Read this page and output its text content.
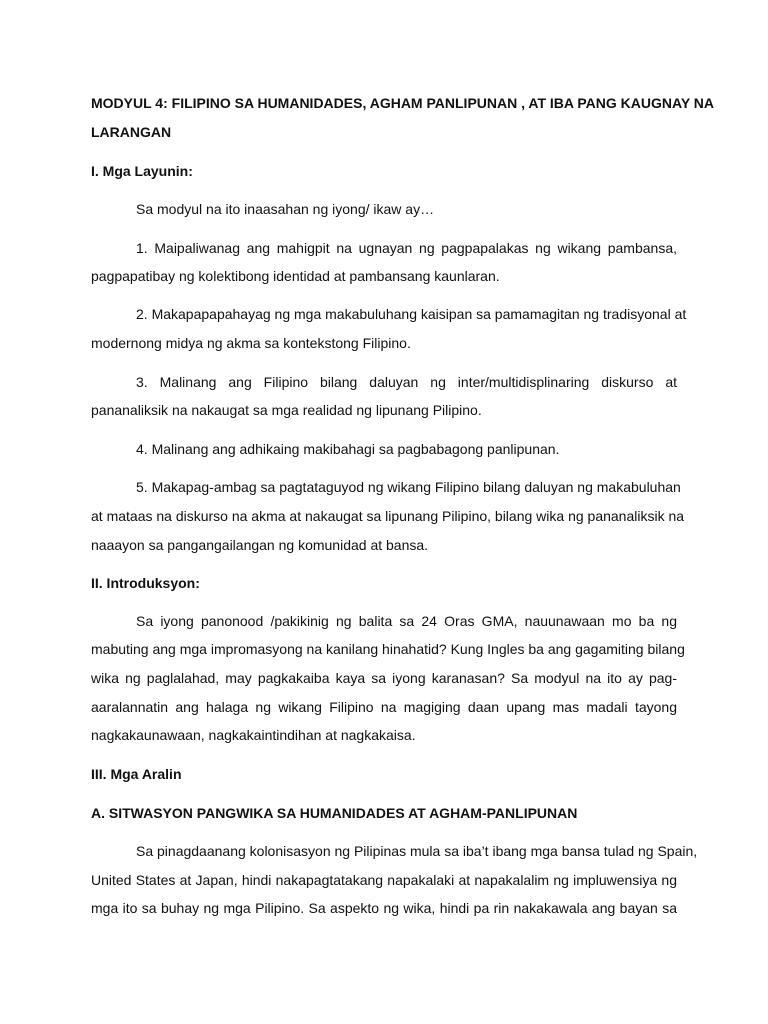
MODYUL 4: FILIPINO SA HUMANIDADES, AGHAM PANLIPUNAN , AT IBA PANG KAUGNAY NA
LARANGAN
I. Mga Layunin:
Sa modyul na ito inaasahan ng iyong/ ikaw ay…
1. Maipaliwanag ang mahigpit na ugnayan ng pagpapalakas ng wikang pambansa,
pagpapatibay ng kolektibong identidad at pambansang kaunlaran.
2. Makapapapahayag ng mga makabuluhang kaisipan sa pamamagitan ng tradisyonal at
modernong midya ng akma sa kontekstong Filipino.
3. Malinang ang Filipino bilang daluyan ng inter/multidisplinaring diskurso at
pananaliksik na nakaugat sa mga realidad ng lipunang Pilipino.
4. Malinang ang adhikaing makibahagi sa pagbabagong panlipunan.
5. Makapag-ambag sa pagtataguyod ng wikang Filipino bilang daluyan ng makabuluhan
at mataas na diskurso na akma at nakaugat sa lipunang Pilipino, bilang wika ng pananaliksik na
naaayon sa pangangailangan ng komunidad at bansa.
II. Introduksyon:
Sa iyong panonood /pakikinig ng balita sa 24 Oras GMA, nauunawaan mo ba ng
mabuting ang mga impromasyong na kanilang hinahatid? Kung Ingles ba ang gagamiting bilang
wika ng paglalahad, may pagkakaiba kaya sa iyong karanasan? Sa modyul na ito ay pag-
aaralannatin ang halaga ng wikang Filipino na magiging daan upang mas madali tayong
nagkakaunawaan, nagkakaintindihan at nagkakaisa.
III. Mga Aralin
A. SITWASYON PANGWIKA SA HUMANIDADES AT AGHAM-PANLIPUNAN
Sa pinagdaanang kolonisasyon ng Pilipinas mula sa iba’t ibang mga bansa tulad ng Spain,
United States at Japan, hindi nakapagtatakang napakalaki at napakalalim ng impluwensiya ng
mga ito sa buhay ng mga Pilipino. Sa aspekto ng wika, hindi pa rin nakakawala ang bayan sa
